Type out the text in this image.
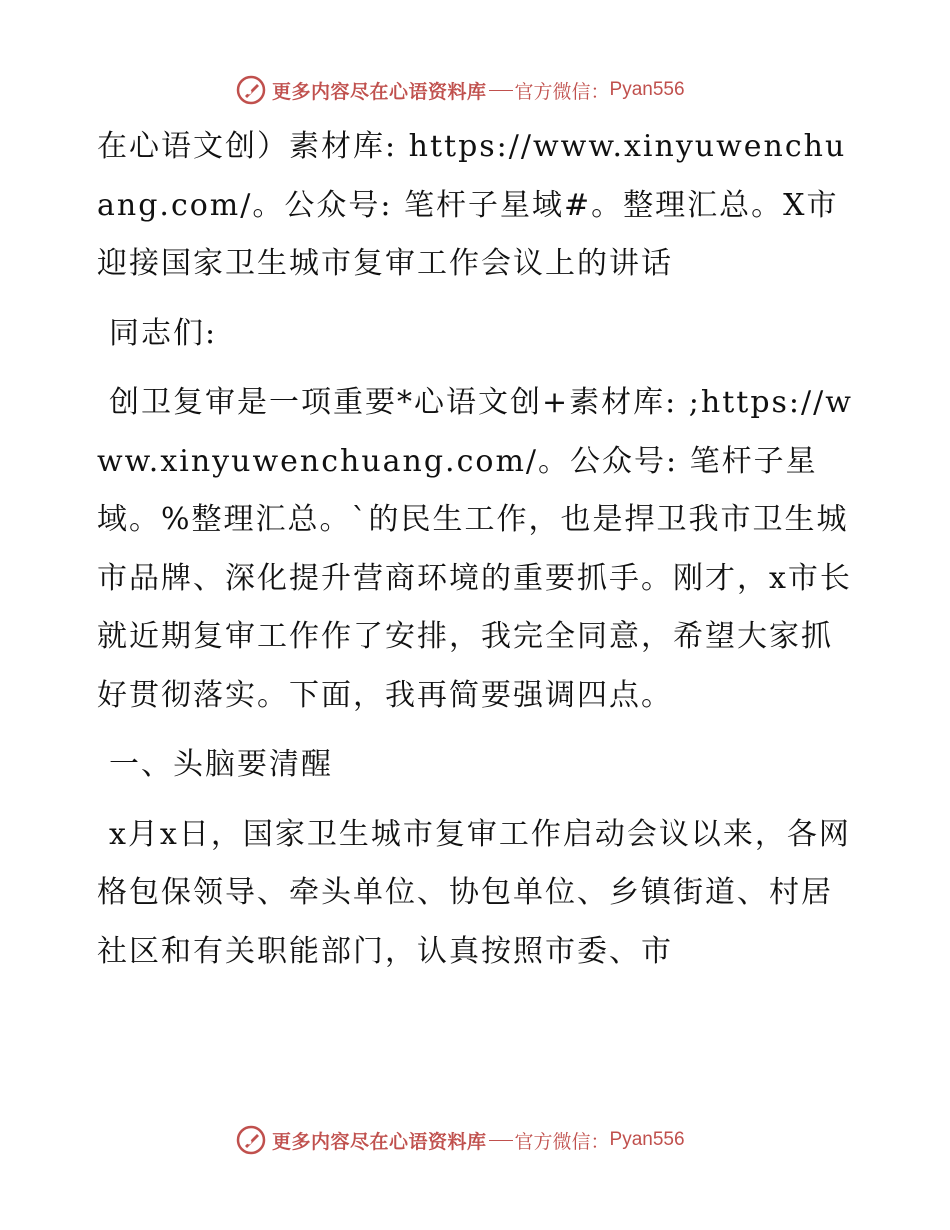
更多内容尽在心语资料库 官方微信： Pyan556

在心语文创）素材库: https://www.xinyuwenchuang.com/。公众号: 笔杆子星域#。整理汇总。X市迎接国家卫生城市复审工作会议上的讲话

同志们:

创卫复审是一项重要*心语文创+素材库: ;https://www.xinyuwenchuang.com/。公众号: 笔杆子星域。%整理汇总。`的民生工作，也是捍卫我市卫生城市品牌、深化提升营商环境的重要抓手。刚才，x市长就近期复审工作作了安排，我完全同意，希望大家抓好贯彻落实。下面，我再简要强调四点。

一、头脑要清醒

x月x日，国家卫生城市复审工作启动会议以来，各网格包保领导、牵头单位、协包单位、乡镇街道、村居社区和有关职能部门，认真按照市委、市

更多内容尽在心语资料库 官方微信： Pyan556
